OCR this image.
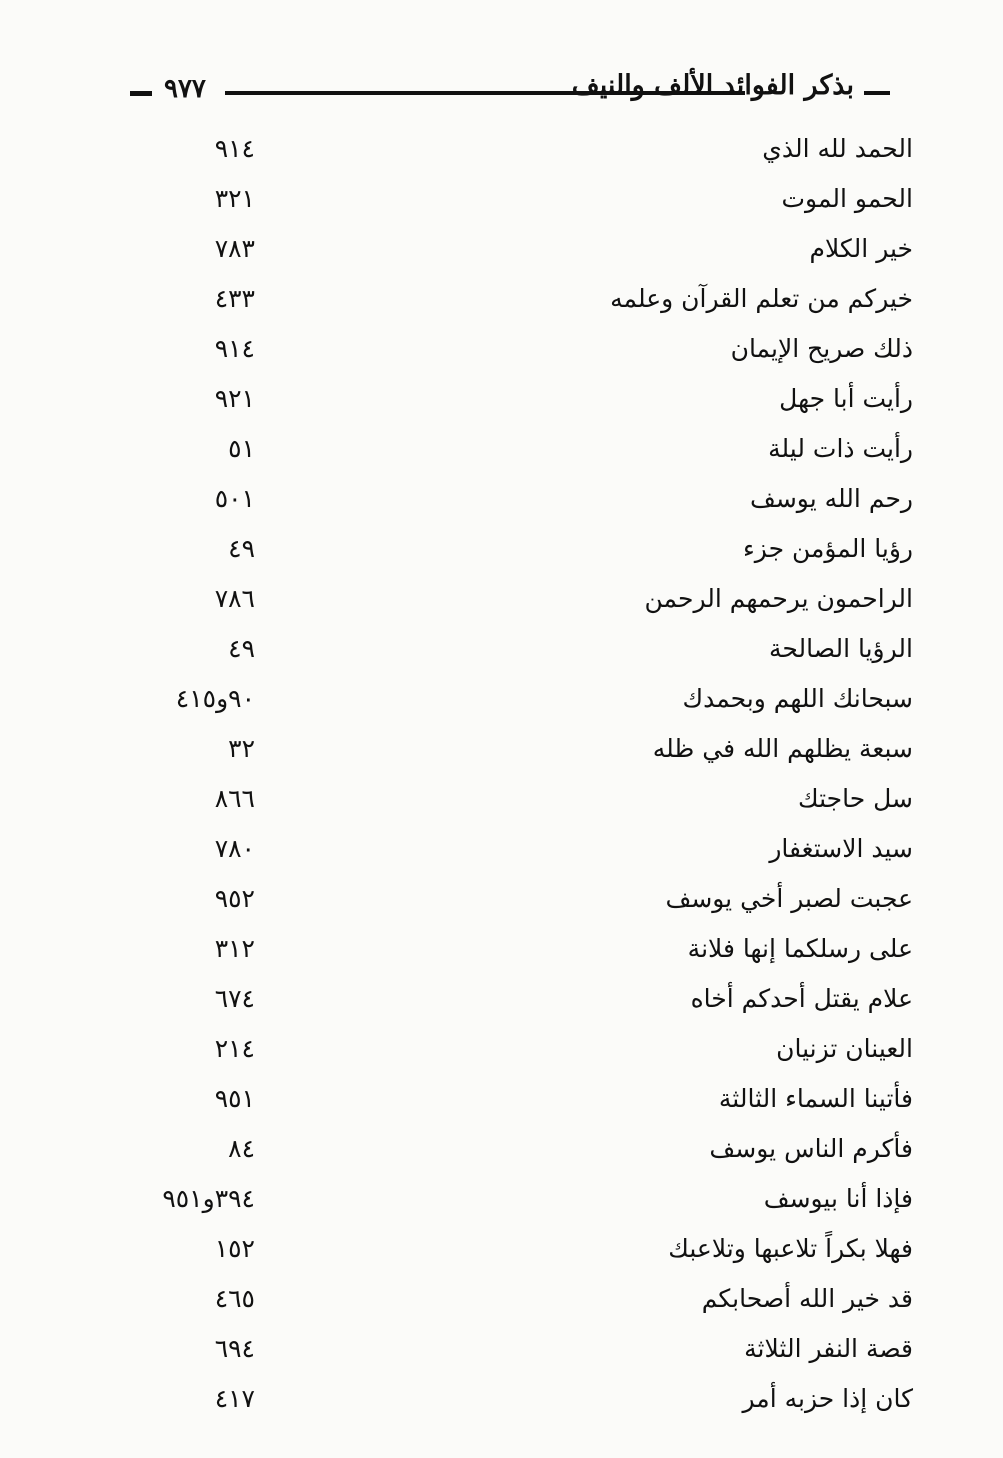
٩٧٧	بذكر الفوائد الألف والنيف
الحمد لله الذي
٩١٤
الحمو الموت
٣٢١
خير الكلام
٧٨٣
خيركم من تعلم القرآن وعلمه
٤٣٣
ذلك صريح الإيمان
٩١٤
رأيت أبا جهل
٩٢١
رأيت ذات ليلة
٥١
رحم الله يوسف
٥٠١
رؤيا المؤمن جزء
٤٩
الراحمون يرحمهم الرحمن
٧٨٦
الرؤيا الصالحة
٤٩
سبحانك اللهم وبحمدك
٩٠و٤١٥
سبعة يظلهم الله في ظله
٣٢
سل حاجتك
٨٦٦
سيد الاستغفار
٧٨٠
عجبت لصبر أخي يوسف
٩٥٢
على رسلكما إنها فلانة
٣١٢
علام يقتل أحدكم أخاه
٦٧٤
العينان تزنيان
٢١٤
فأتينا السماء الثالثة
٩٥١
فأكرم الناس يوسف
٨٤
فإذا أنا بيوسف
٣٩٤و٩٥١
فهلا بكراً تلاعبها وتلاعبك
١٥٢
قد خير الله أصحابكم
٤٦٥
قصة النفر الثلاثة
٦٩٤
كان إذا حزبه أمر
٤١٧
